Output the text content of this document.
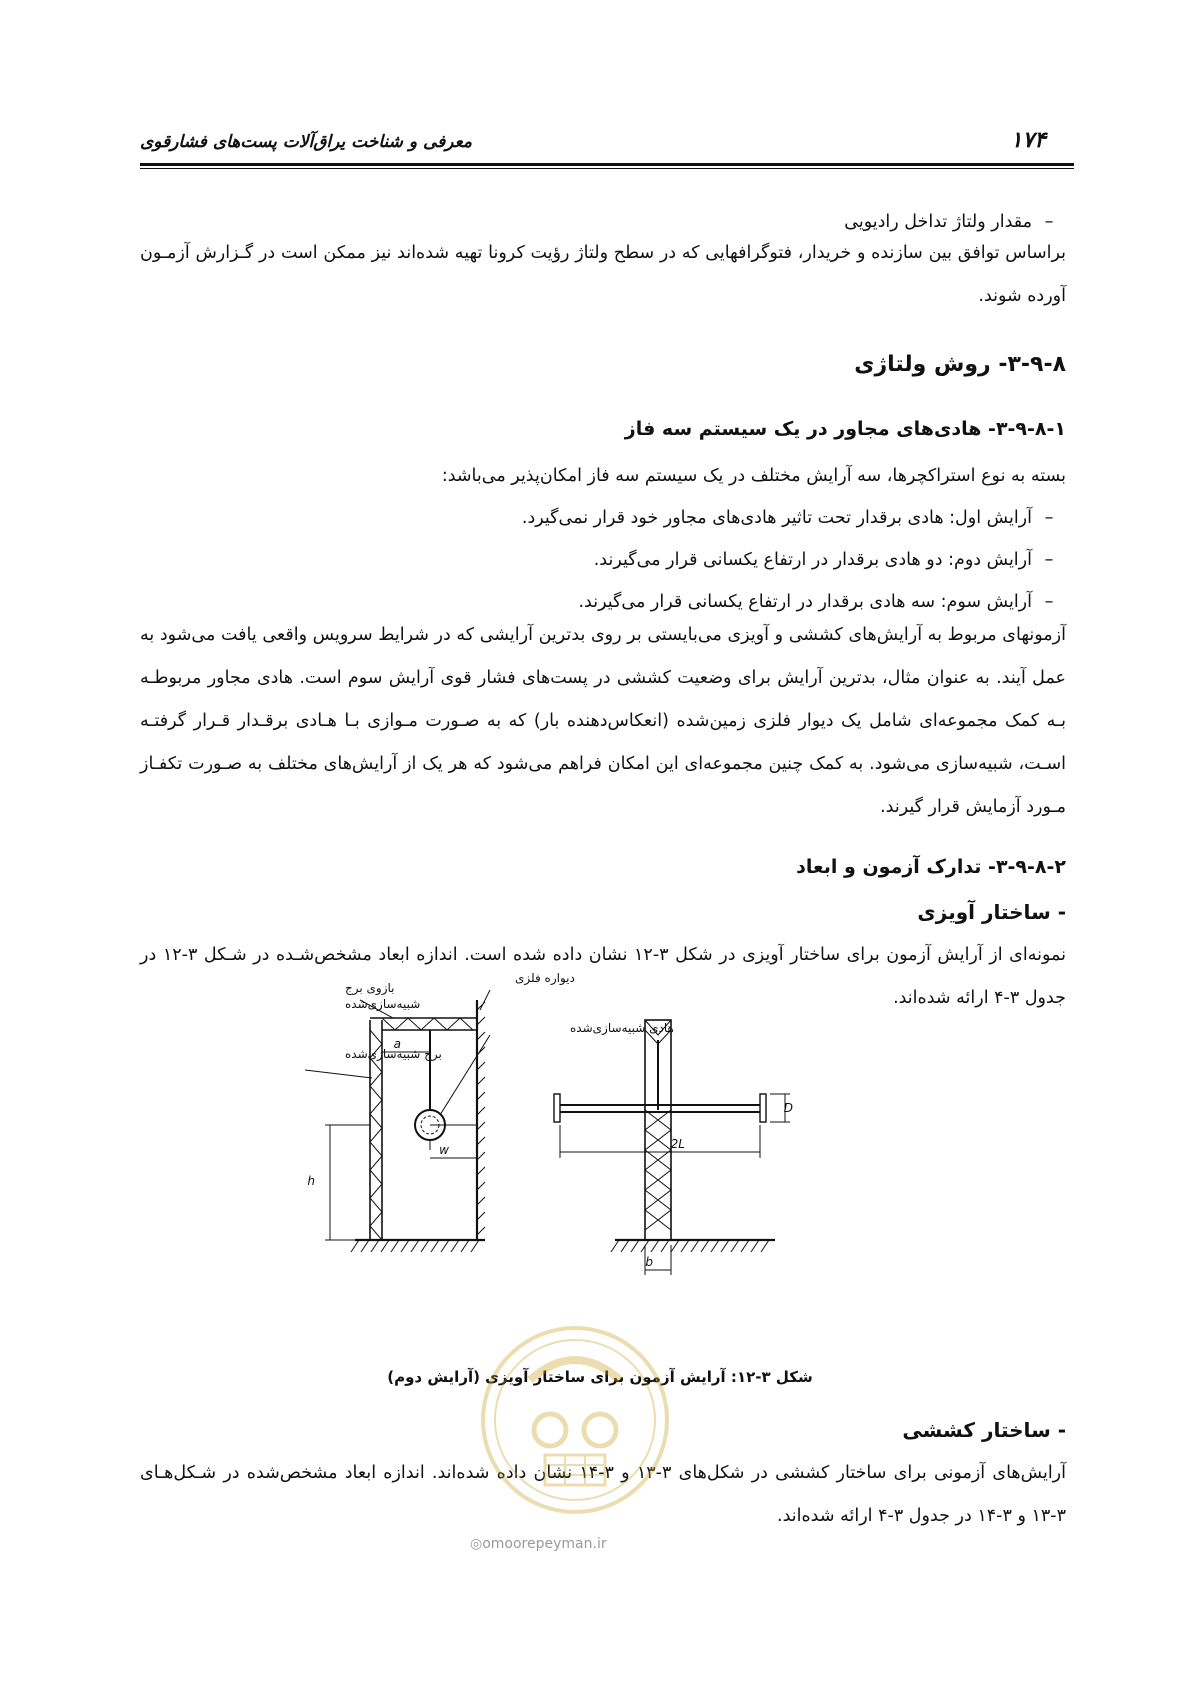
۱۷۴
معرفی و شناخت یراق‌آلات پست‌های فشارقوی
–مقدار ولتاژ تداخل رادیویی

براساس توافق بین سازنده و خریدار، فتوگرافهایی که در سطح ولتاژ رؤیت کرونا تهیه شده‌اند نیز ممکن است در گـزارش آزمـون آورده شوند.

۳-۹-۸- روش ولتاژی
۳-۹-۸-۱- هادی‌های مجاور در یک سیستم سه فاز
بسته به نوع استراکچرها، سه آرایش مختلف در یک سیستم سه فاز امکان‌پذیر می‌باشد:
–آرایش اول: هادی برقدار تحت تاثیر هادی‌های مجاور خود قرار نمی‌گیرد.
–آرایش دوم: دو هادی برقدار در ارتفاع یکسانی قرار می‌گیرند.
–آرایش سوم: سه هادی برقدار در ارتفاع یکسانی قرار می‌گیرند.

آزمونهای مربوط به آرایش‌های کششی و آویزی می‌بایستی بر روی بدترین آرایشی که در شرایط سرویس واقعی یافت می‌شود به عمل آیند. به عنوان مثال، بدترین آرایش برای وضعیت کششی در پست‌های فشار قوی آرایش سوم است. هادی مجاور مربوطـه بـه کمک مجموعه‌ای شامل یک دیوار فلزی زمین‌شده (انعکاس‌دهنده بار) که به صـورت مـوازی بـا هـادی برقـدار قـرار گرفتـه اسـت، شبیه‌سازی می‌شود. به کمک چنین مجموعه‌ای این امکان فراهم می‌شود که هر یک از آرایش‌های مختلف به صـورت تکفـاز مـورد آزمایش قرار گیرند.

۳-۹-۸-۲- تدارک آزمون و ابعاد
- ساختار آویزی

نمونه‌ای از آرایش آزمون برای ساختار آویزی در شکل ۳-۱۲ نشان داده شده است. اندازه ابعاد مشخص‌شـده در شـکل ۳-۱۲ در جدول ۳-۴ ارائه شده‌اند.

بازوی برج
شبیه‌سازی‌شده
برج شبیه‌سازی‌شده
دیواره فلزی
هادی شبیه‌سازی‌شده
a
w
h
2L
D
b
شکل ۳-۱۲: آرایش آزمون برای ساختار آویزی (آرایش دوم)
- ساختار کششی

آرایش‌های آزمونی برای ساختار کششی در شکل‌های ۳-۱۳ و ۳-۱۴ نشان داده شده‌اند. اندازه ابعاد مشخص‌شده در شـکل‌هـای ۳-۱۳ و ۳-۱۴ در جدول ۳-۴ ارائه شده‌اند.

◎omoorepeyman.ir
